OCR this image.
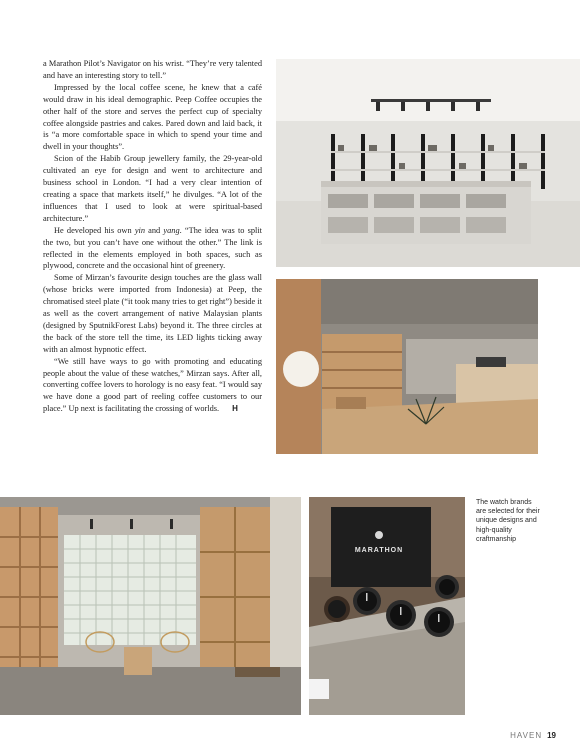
a Marathon Pilot’s Navigator on his wrist. “They’re very talented and have an interesting story to tell.”

Impressed by the local coffee scene, he knew that a café would draw in his ideal demographic. Peep Coffee occupies the other half of the store and serves the perfect cup of specialty coffee alongside pastries and cakes. Pared down and laid back, it is “a more comfortable space in which to spend your time and dwell in your thoughts”.

Scion of the Habib Group jewellery family, the 29-year-old cultivated an eye for design and went to architecture and business school in London. “I had a very clear intention of creating a space that markets itself,” he divulges. “A lot of the influences that I used to look at were spiritual-based architecture.”

He developed his own yin and yang. “The idea was to split the two, but you can’t have one without the other.” The link is reflected in the elements employed in both spaces, such as plywood, concrete and the occasional hint of greenery.

Some of Mirzan’s favourite design touches are the glass wall (whose bricks were imported from Indonesia) at Peep, the chromatised steel plate (“it took many tries to get right”) beside it as well as the covert arrangement of native Malaysian plants (designed by SputnikForest Labs) beyond it. The three circles at the back of the store tell the time, its LED lights ticking away with an almost hypnotic effect.

“We still have ways to go with promoting and educating people about the value of these watches,” Mirzan says. After all, converting coffee lovers to horology is no easy feat. “I would say we have done a good part of reeling coffee customers to our place.” Up next is facilitating the crossing of worlds. H

MARATHON
The watch brands are selected for their unique designs and high-quality craftmanship
HAVEN 19
